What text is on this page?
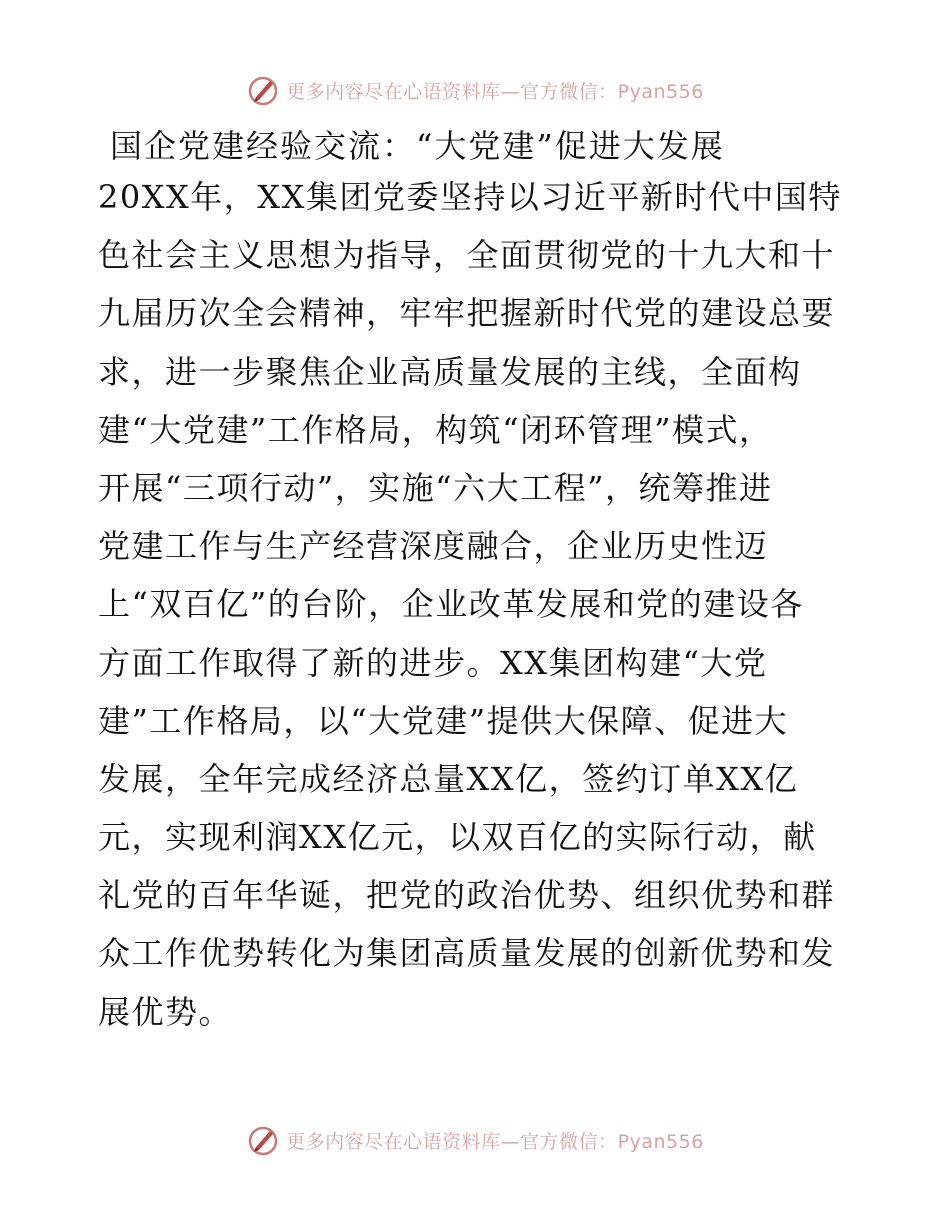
更多内容尽在心语资料库—官方微信：Pyan556
国企党建经验交流：“大党建”促进大发展
20XX年，XX集团党委坚持以习近平新时代中国特
色社会主义思想为指导，全面贯彻党的十九大和十
九届历次全会精神，牢牢把握新时代党的建设总要
求，进一步聚焦企业高质量发展的主线，全面构
建“大党建”工作格局，构筑“闭环管理”模式，
开展“三项行动”，实施“六大工程”，统筹推进
党建工作与生产经营深度融合，企业历史性迈
上“双百亿”的台阶，企业改革发展和党的建设各
方面工作取得了新的进步。XX集团构建“大党
建”工作格局，以“大党建”提供大保障、促进大
发展，全年完成经济总量XX亿，签约订单XX亿
元，实现利润XX亿元，以双百亿的实际行动，献
礼党的百年华诞，把党的政治优势、组织优势和群
众工作优势转化为集团高质量发展的创新优势和发
展优势。
更多内容尽在心语资料库—官方微信：Pyan556
